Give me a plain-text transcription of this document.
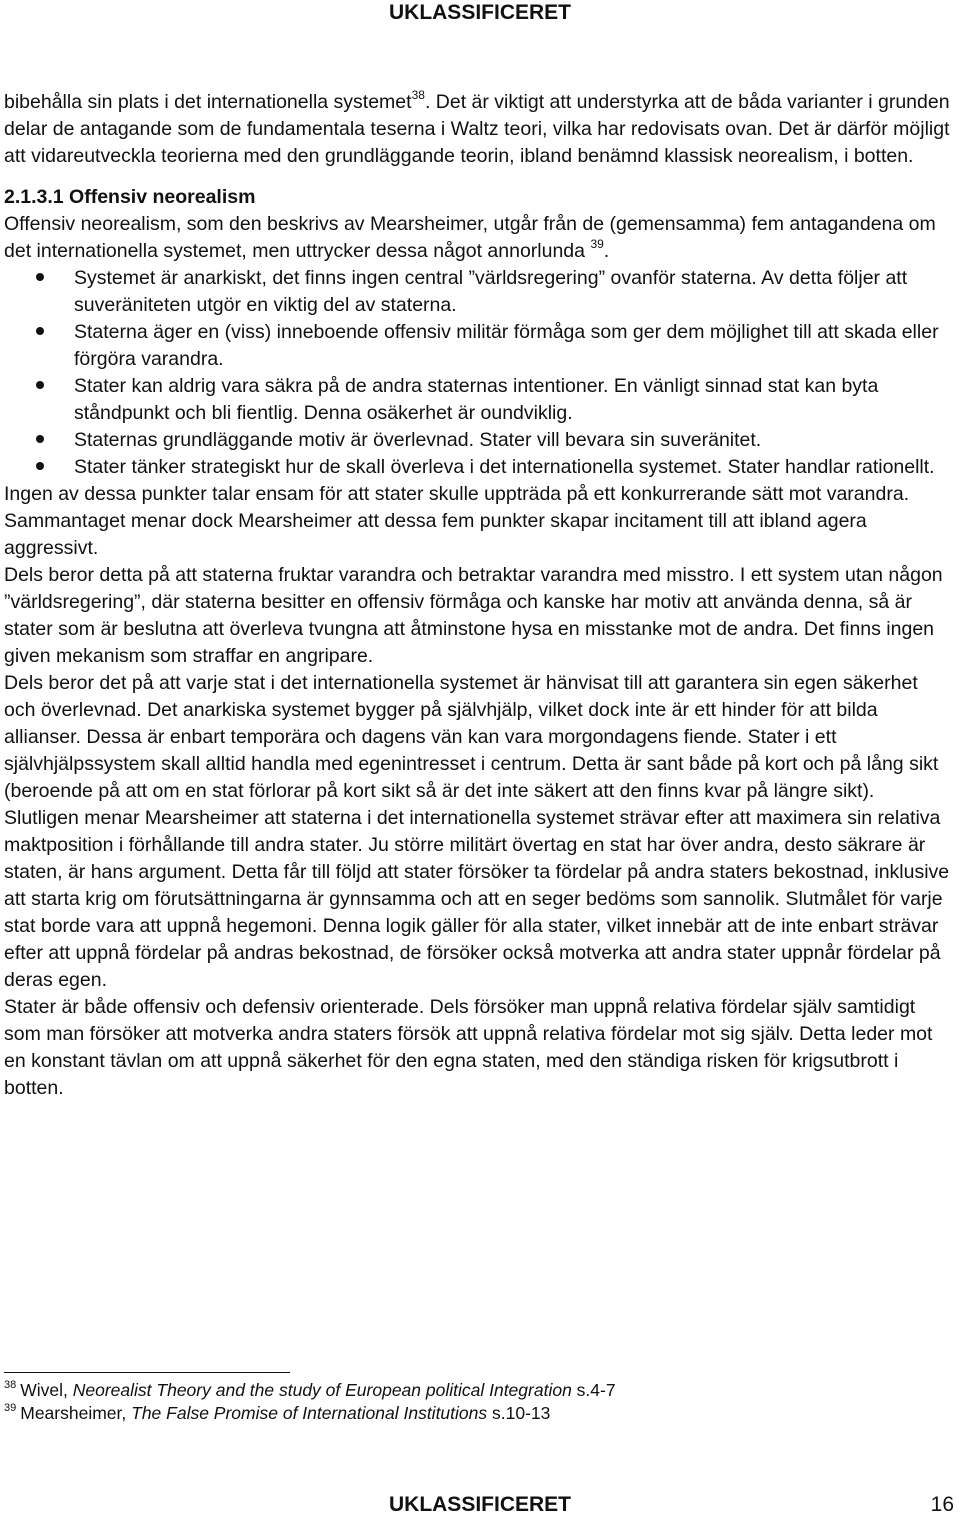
UKLASSIFICERET

bibehålla sin plats i det internationella systemet$^{38}$. Det är viktigt att understyrka att de båda varianter i grunden delar de antagande som de fundamentala teserna i Waltz teori, vilka har redovisats ovan. Det är därför möjligt att vidareutveckla teorierna med den grundläggande teorin, ibland benämnd klassisk neorealism, i botten.

2.1.3.1 Offensiv neorealism

Offensiv neorealism, som den beskrivs av Mearsheimer, utgår från de (gemensamma) fem antagandena om det internationella systemet, men uttrycker dessa något annorlunda $^{39}$.

Systemet är anarkiskt, det finns ingen central ”världsregering” ovanför staterna. Av detta följer att suveräniteten utgör en viktig del av staterna.
Staterna äger en (viss) inneboende offensiv militär förmåga som ger dem möjlighet till att skada eller förgöra varandra.
Stater kan aldrig vara säkra på de andra staternas intentioner. En vänligt sinnad stat kan byta ståndpunkt och bli fientlig. Denna osäkerhet är oundviklig.
Staternas grundläggande motiv är överlevnad. Stater vill bevara sin suveränitet.
Stater tänker strategiskt hur de skall överleva i det internationella systemet. Stater handlar rationellt.

Ingen av dessa punkter talar ensam för att stater skulle uppträda på ett konkurrerande sätt mot varandra. Sammantaget menar dock Mearsheimer att dessa fem punkter skapar incitament till att ibland agera aggressivt.

Dels beror detta på att staterna fruktar varandra och betraktar varandra med misstro. I ett system utan någon ”världsregering”, där staterna besitter en offensiv förmåga och kanske har motiv att använda denna, så är stater som är beslutna att överleva tvungna att åtminstone hysa en misstanke mot de andra. Det finns ingen given mekanism som straffar en angripare.

Dels beror det på att varje stat i det internationella systemet är hänvisat till att garantera sin egen säkerhet och överlevnad. Det anarkiska systemet bygger på självhjälp, vilket dock inte är ett hinder för att bilda allianser. Dessa är enbart temporära och dagens vän kan vara morgondagens fiende. Stater i ett självhjälpssystem skall alltid handla med egenintresset i centrum. Detta är sant både på kort och på lång sikt (beroende på att om en stat förlorar på kort sikt så är det inte säkert att den finns kvar på längre sikt).

Slutligen menar Mearsheimer att staterna i det internationella systemet strävar efter att maximera sin relativa maktposition i förhållande till andra stater. Ju större militärt övertag en stat har över andra, desto säkrare är staten, är hans argument. Detta får till följd att stater försöker ta fördelar på andra staters bekostnad, inklusive att starta krig om förutsättningarna är gynnsamma och att en seger bedöms som sannolik. Slutmålet för varje stat borde vara att uppnå hegemoni. Denna logik gäller för alla stater, vilket innebär att de inte enbart strävar efter att uppnå fördelar på andras bekostnad, de försöker också motverka att andra stater uppnår fördelar på deras egen.

Stater är både offensiv och defensiv orienterade. Dels försöker man uppnå relativa fördelar själv samtidigt som man försöker att motverka andra staters försök att uppnå relativa fördelar mot sig själv. Detta leder mot en konstant tävlan om att uppnå säkerhet för den egna staten, med den ständiga risken för krigsutbrott i botten.

$^{38}$ Wivel, Neorealist Theory and the study of European political Integration s.4-7
$^{39}$ Mearsheimer, The False Promise of International Institutions s.10-13
UKLASSIFICERET	16
